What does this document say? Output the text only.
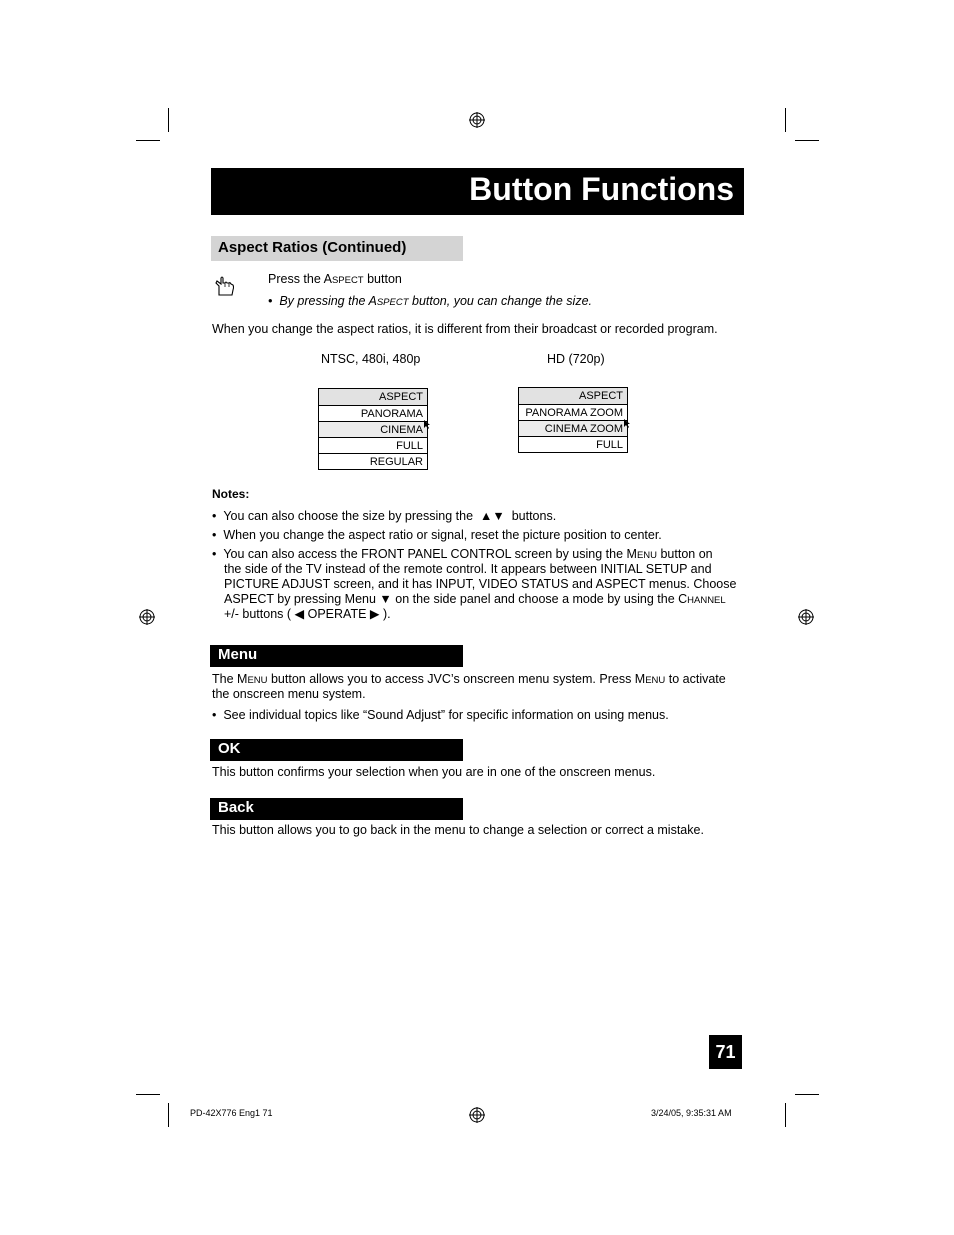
Button Functions
Aspect Ratios (Continued)
Press the ASPECT button
•  By pressing the ASPECT button, you can change the size.
When you change the aspect ratios, it is different from their broadcast or recorded program.
NTSC, 480i, 480p	HD (720p)
ASPECT
PANORAMA
CINEMA
FULL
REGULAR
ASPECT
PANORAMA ZOOM
CINEMA ZOOM
FULL
Notes:
•  You can also choose the size by pressing the ▲▼ buttons.
•  When you change the aspect ratio or signal, reset the picture position to center.
•  You can also access the FRONT PANEL CONTROL screen by using the MENU button on
the side of the TV instead of the remote control. It appears between INITIAL SETUP and
PICTURE ADJUST screen, and it has INPUT, VIDEO STATUS and ASPECT menus. Choose
ASPECT by pressing Menu ▼ on the side panel and choose a mode by using the CHANNEL
+/- buttons ( ◀ OPERATE ▶ ).
Menu
The MENU button allows you to access JVC’s onscreen menu system. Press MENU to activate
the onscreen menu system.
•  See individual topics like “Sound Adjust” for specific information on using menus.
OK
This button confirms your selection when you are in one of the onscreen menus.
Back
This button allows you to go back in the menu to change a selection or correct a mistake.
71
PD-42X776 Eng1 71	3/24/05, 9:35:31 AM
